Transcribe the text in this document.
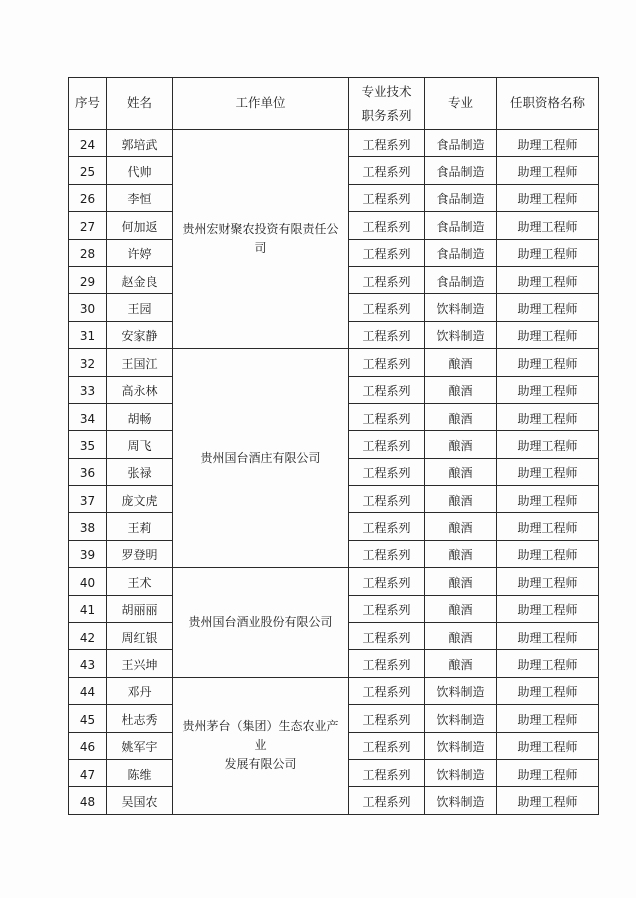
序号	姓名	工作单位	专业技术
职务系列	专业	任职资格名称
24	郭培武	贵州宏财聚农投资有限责任公司	工程系列	食品制造	助理工程师
25	代帅		工程系列	食品制造	助理工程师
26	李恒		工程系列	食品制造	助理工程师
27	何加返		工程系列	食品制造	助理工程师
28	许婷		工程系列	食品制造	助理工程师
29	赵金良		工程系列	食品制造	助理工程师
30	王园		工程系列	饮料制造	助理工程师
31	安家静		工程系列	饮料制造	助理工程师
32	王国江	贵州国台酒庄有限公司	工程系列	酿酒	助理工程师
33	高永林		工程系列	酿酒	助理工程师
34	胡畅		工程系列	酿酒	助理工程师
35	周飞		工程系列	酿酒	助理工程师
36	张禄		工程系列	酿酒	助理工程师
37	庞文虎		工程系列	酿酒	助理工程师
38	王莉		工程系列	酿酒	助理工程师
39	罗登明		工程系列	酿酒	助理工程师
40	王术	贵州国台酒业股份有限公司	工程系列	酿酒	助理工程师
41	胡丽丽		工程系列	酿酒	助理工程师
42	周红银		工程系列	酿酒	助理工程师
43	王兴坤		工程系列	酿酒	助理工程师
44	邓丹	贵州茅台（集团）生态农业产业
发展有限公司	工程系列	饮料制造	助理工程师
45	杜志秀		工程系列	饮料制造	助理工程师
46	姚军宇		工程系列	饮料制造	助理工程师
47	陈维		工程系列	饮料制造	助理工程师
48	吴国农		工程系列	饮料制造	助理工程师
